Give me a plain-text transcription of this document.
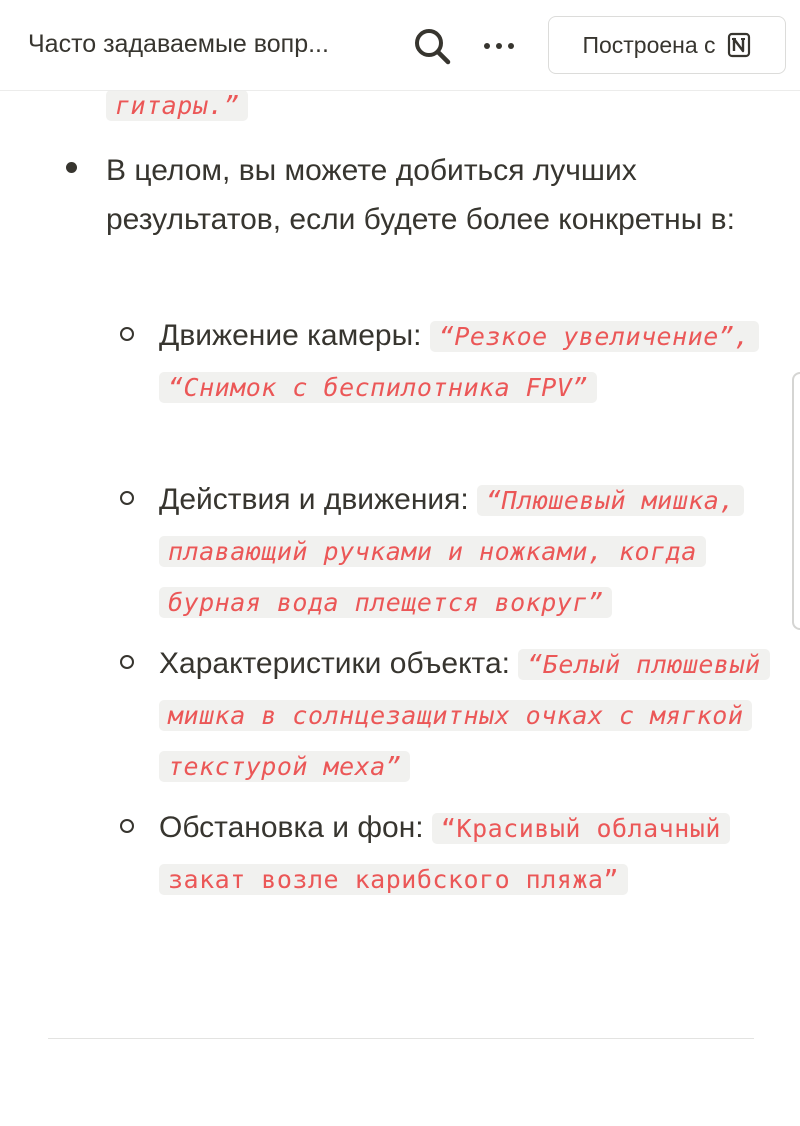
гитары.”
В целом, вы можете добиться лучших результатов, если будете более конкретны в:
Движение камеры: “Резкое увеличение”, “Снимок с беспилотника FPV”
Действия и движения: “Плюшевый мишка, плавающий ручками и ножками, когда бурная вода плещется вокруг”
Характеристики объекта: “Белый плюшевый мишка в солнцезащитных очках с мягкой текстурой меха”
Обстановка и фон: “Красивый облачный закат возле карибского пляжа”
Часто задаваемые вопр...	Построена с
